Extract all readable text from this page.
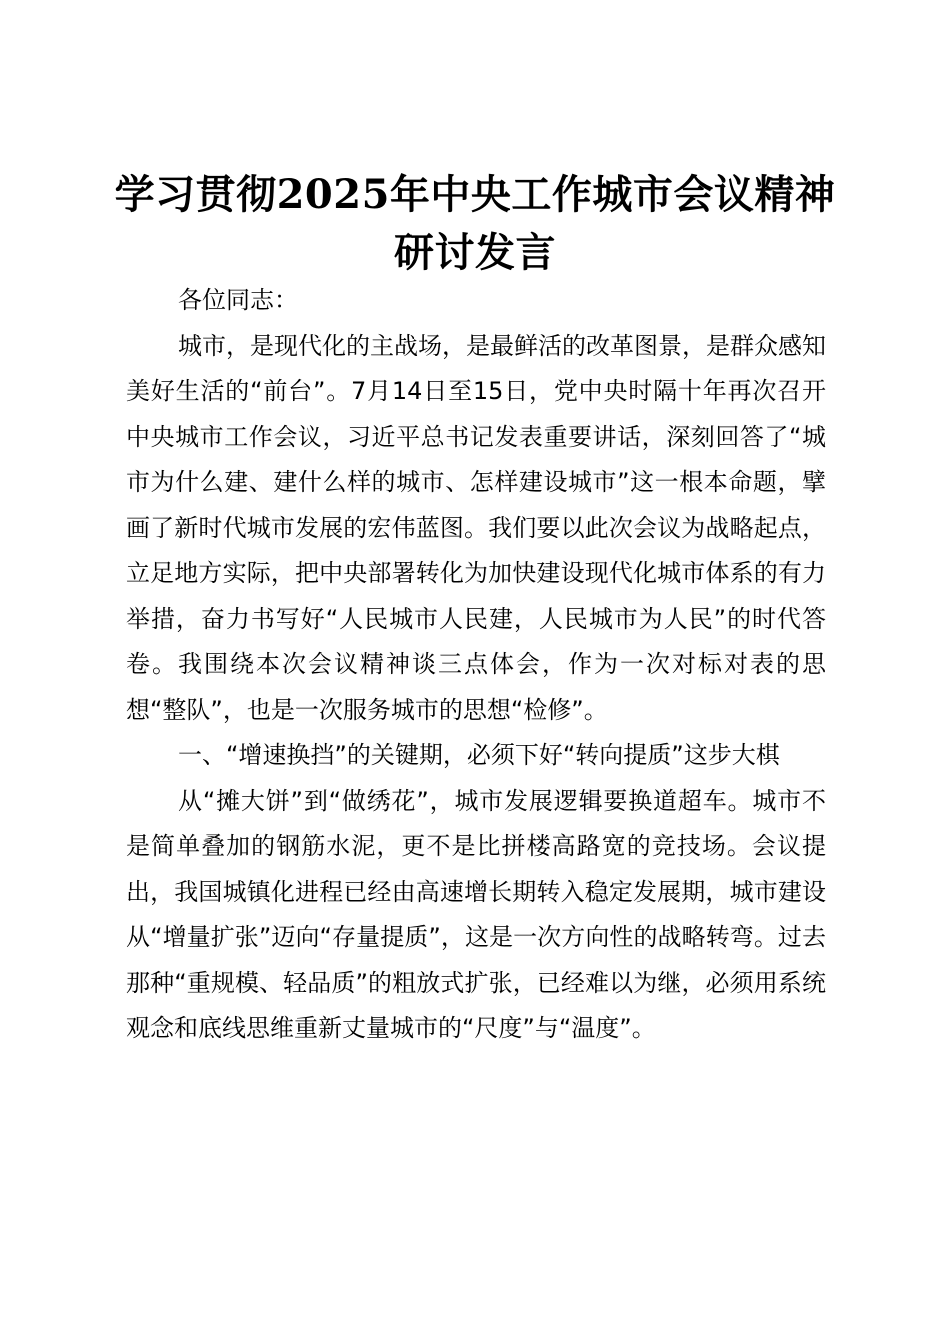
学习贯彻2025年中央工作城市会议精神研讨发言

各位同志：

城市，是现代化的主战场，是最鲜活的改革图景，是群众感知美好生活的“前台”。7月14日至15日，党中央时隔十年再次召开中央城市工作会议，习近平总书记发表重要讲话，深刻回答了“城市为什么建、建什么样的城市、怎样建设城市”这一根本命题，擘画了新时代城市发展的宏伟蓝图。我们要以此次会议为战略起点，立足地方实际，把中央部署转化为加快建设现代化城市体系的有力举措，奋力书写好“人民城市人民建，人民城市为人民”的时代答卷。我围绕本次会议精神谈三点体会，作为一次对标对表的思想“整队”，也是一次服务城市的思想“检修”。

一、“增速换挡”的关键期，必须下好“转向提质”这步大棋

从“摊大饼”到“做绣花”，城市发展逻辑要换道超车。城市不是简单叠加的钢筋水泥，更不是比拼楼高路宽的竞技场。会议提出，我国城镇化进程已经由高速增长期转入稳定发展期，城市建设从“增量扩张”迈向“存量提质”，这是一次方向性的战略转弯。过去那种“重规模、轻品质”的粗放式扩张，已经难以为继，必须用系统观念和底线思维重新丈量城市的“尺度”与“温度”。
